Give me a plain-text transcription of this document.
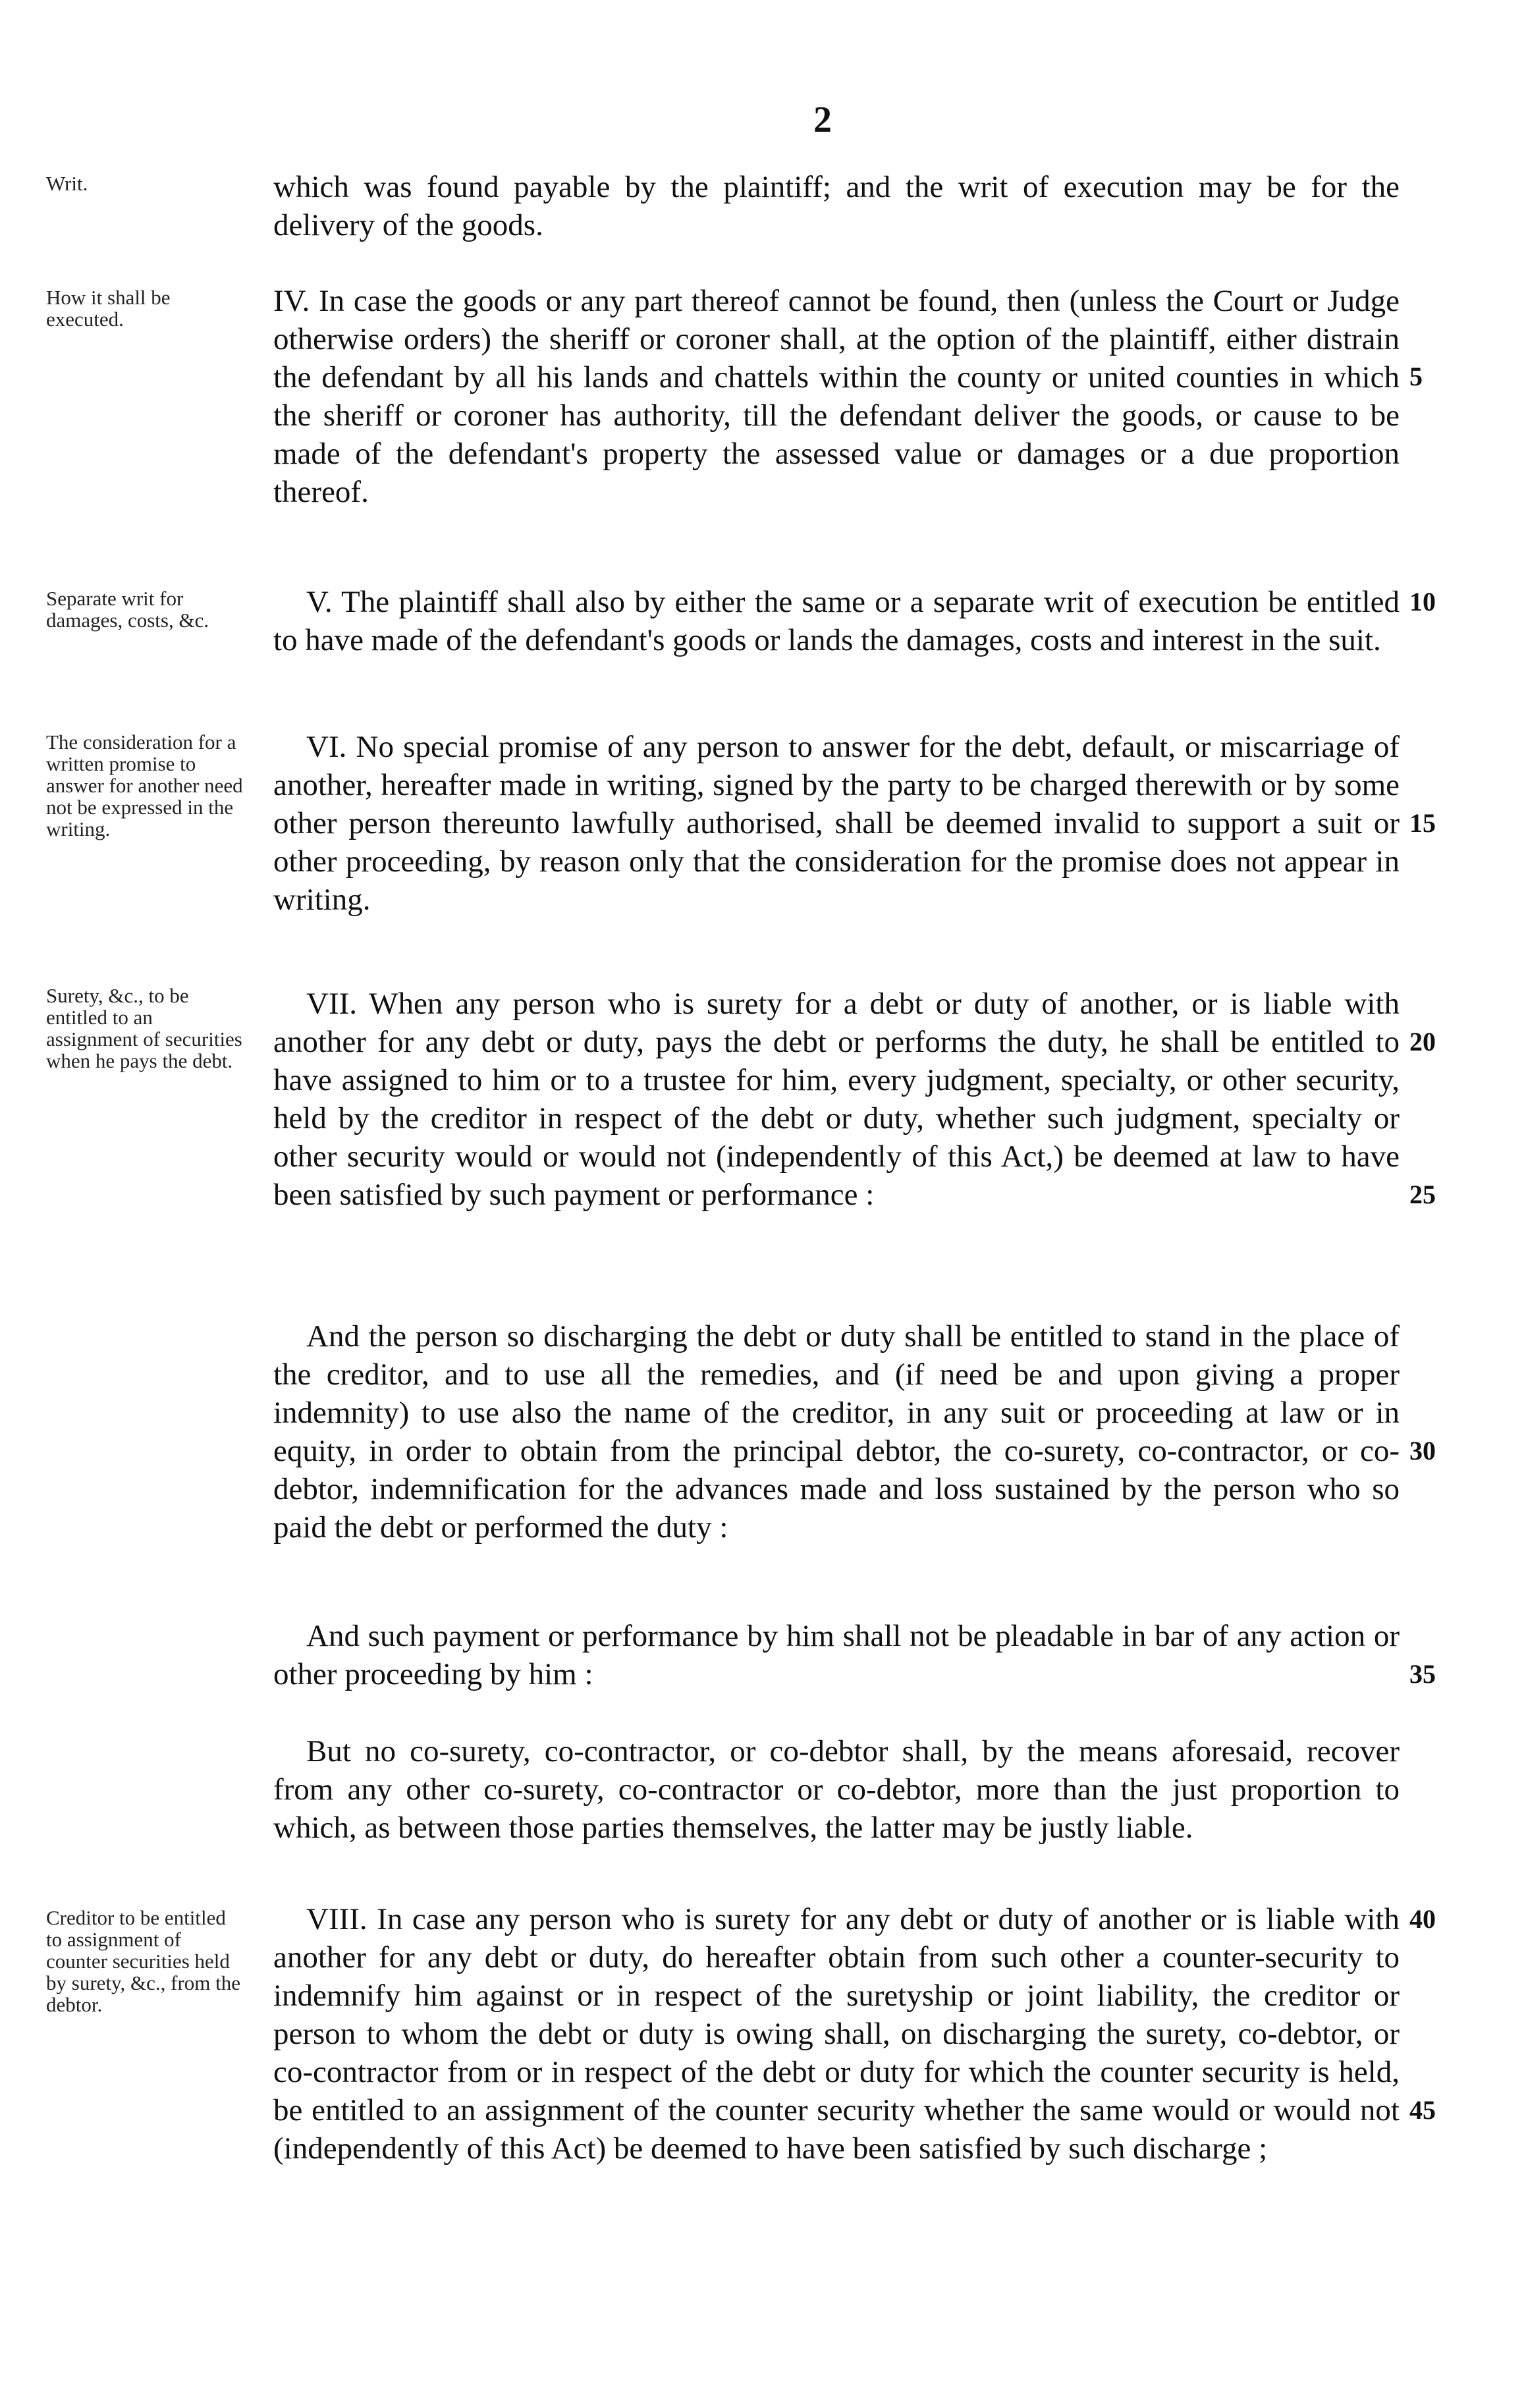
2
Writ.	which was found payable by the plaintiff; and the writ of execution may be for the delivery of the goods.
How it shall be executed.
IV. In case the goods or any part thereof cannot be found, then (unless the Court or Judge otherwise orders) the sheriff or coroner shall, at the option of the plaintiff, either distrain the defendant by all his lands and chattels within the county or united counties in which the sheriff or coroner has authority, till the defendant deliver the goods, or cause to be made of the defendant's property the assessed value or damages or a due proportion thereof.
Separate writ for damages, costs, &c.
V. The plaintiff shall also by either the same or a separate writ of execution be entitled to have made of the defendant's goods or lands the damages, costs and interest in the suit.
The consideration for a written promise to answer for another need not be expressed in the writing.
VI. No special promise of any person to answer for the debt, default, or miscarriage of another, hereafter made in writing, signed by the party to be charged therewith or by some other person thereunto lawfully authorised, shall be deemed invalid to support a suit or other proceeding, by reason only that the consideration for the promise does not appear in writing.
Surety, &c., to be entitled to an assignment of securities when he pays the debt.
VII. When any person who is surety for a debt or duty of another, or is liable with another for any debt or duty, pays the debt or performs the duty, he shall be entitled to have assigned to him or to a trustee for him, every judgment, specialty, or other security, held by the creditor in respect of the debt or duty, whether such judgment, specialty or other security would or would not (independently of this Act,) be deemed at law to have been satisfied by such payment or performance :
And the person so discharging the debt or duty shall be entitled to stand in the place of the creditor, and to use all the remedies, and (if need be and upon giving a proper indemnity) to use also the name of the creditor, in any suit or proceeding at law or in equity, in order to obtain from the principal debtor, the co-surety, co-contractor, or co-debtor, indemnification for the advances made and loss sustained by the person who so paid the debt or performed the duty :
And such payment or performance by him shall not be pleadable in bar of any action or other proceeding by him :
But no co-surety, co-contractor, or co-debtor shall, by the means aforesaid, recover from any other co-surety, co-contractor or co-debtor, more than the just proportion to which, as between those parties themselves, the latter may be justly liable.
Creditor to be entitled to assignment of counter securities held by surety, &c., from the debtor.
VIII. In case any person who is surety for any debt or duty of another or is liable with another for any debt or duty, do hereafter obtain from such other a counter-security to indemnify him against or in respect of the suretyship or joint liability, the creditor or person to whom the debt or duty is owing shall, on discharging the surety, co-debtor, or co-contractor from or in respect of the debt or duty for which the counter security is held, be entitled to an assignment of the counter security whether the same would or would not (independently of this Act) be deemed to have been satisfied by such discharge ;
5
10
15
20
25
30
35
40
45
